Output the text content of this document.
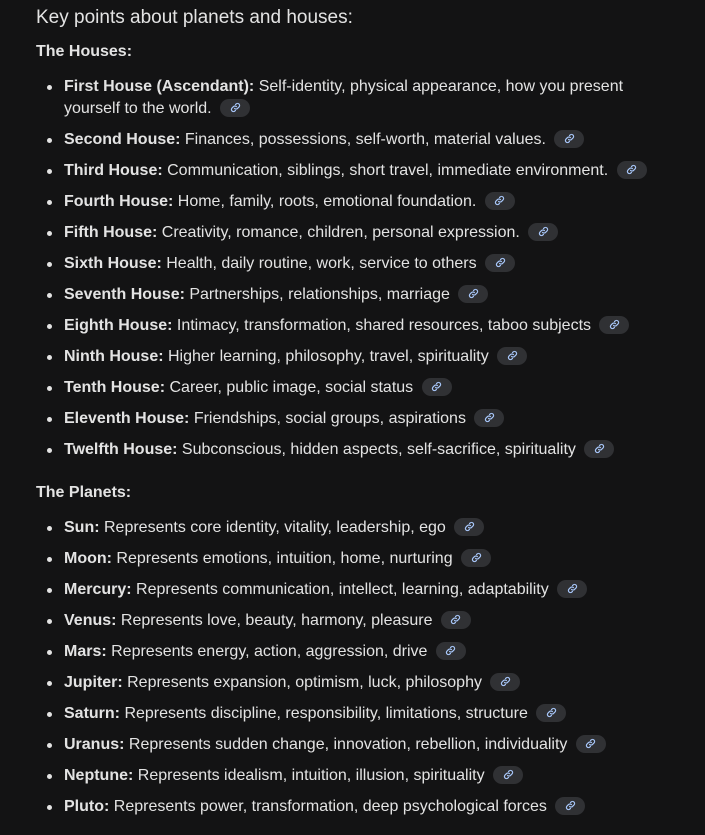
Key points about planets and houses:
The Houses:
First House (Ascendant): Self-identity, physical appearance, how you present yourself to the world.
Second House: Finances, possessions, self-worth, material values.
Third House: Communication, siblings, short travel, immediate environment.
Fourth House: Home, family, roots, emotional foundation.
Fifth House: Creativity, romance, children, personal expression.
Sixth House: Health, daily routine, work, service to others
Seventh House: Partnerships, relationships, marriage
Eighth House: Intimacy, transformation, shared resources, taboo subjects
Ninth House: Higher learning, philosophy, travel, spirituality
Tenth House: Career, public image, social status
Eleventh House: Friendships, social groups, aspirations
Twelfth House: Subconscious, hidden aspects, self-sacrifice, spirituality
The Planets:
Sun: Represents core identity, vitality, leadership, ego
Moon: Represents emotions, intuition, home, nurturing
Mercury: Represents communication, intellect, learning, adaptability
Venus: Represents love, beauty, harmony, pleasure
Mars: Represents energy, action, aggression, drive
Jupiter: Represents expansion, optimism, luck, philosophy
Saturn: Represents discipline, responsibility, limitations, structure
Uranus: Represents sudden change, innovation, rebellion, individuality
Neptune: Represents idealism, intuition, illusion, spirituality
Pluto: Represents power, transformation, deep psychological forces
